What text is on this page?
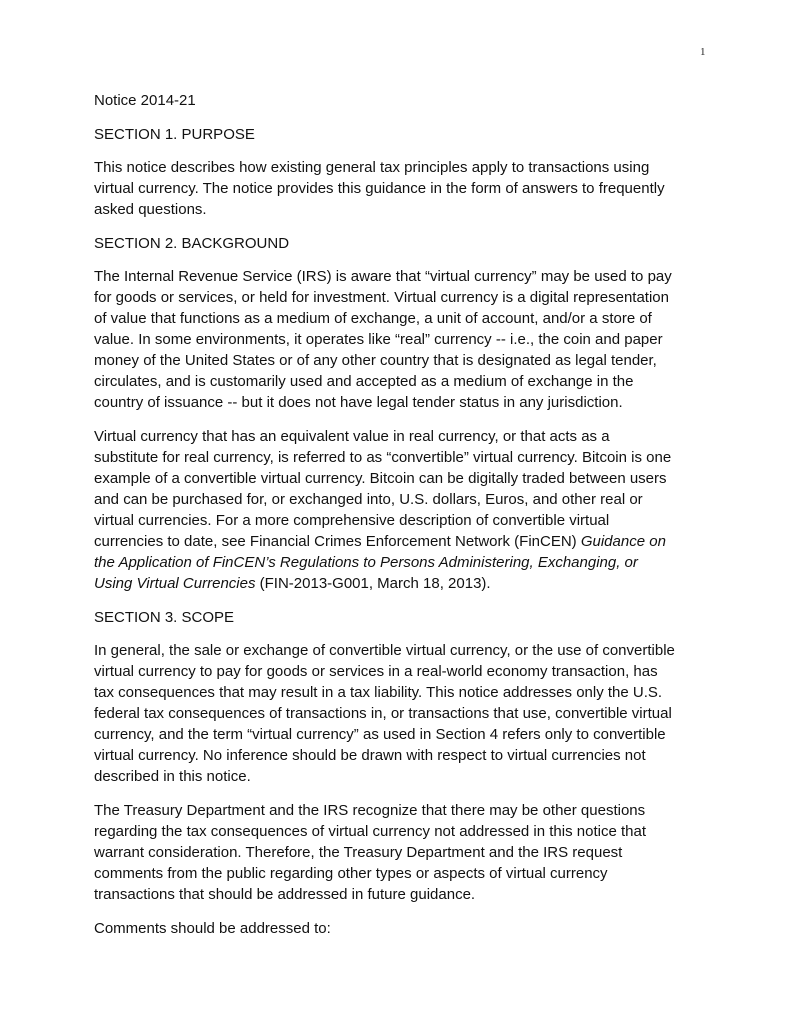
1

Notice 2014-21

SECTION 1. PURPOSE

This notice describes how existing general tax principles apply to transactions using
virtual currency. The notice provides this guidance in the form of answers to frequently
asked questions.

SECTION 2. BACKGROUND

The Internal Revenue Service (IRS) is aware that “virtual currency” may be used to pay
for goods or services, or held for investment. Virtual currency is a digital representation
of value that functions as a medium of exchange, a unit of account, and/or a store of
value. In some environments, it operates like “real” currency -- i.e., the coin and paper
money of the United States or of any other country that is designated as legal tender,
circulates, and is customarily used and accepted as a medium of exchange in the
country of issuance -- but it does not have legal tender status in any jurisdiction.

Virtual currency that has an equivalent value in real currency, or that acts as a
substitute for real currency, is referred to as “convertible” virtual currency. Bitcoin is one
example of a convertible virtual currency. Bitcoin can be digitally traded between users
and can be purchased for, or exchanged into, U.S. dollars, Euros, and other real or
virtual currencies. For a more comprehensive description of convertible virtual
currencies to date, see Financial Crimes Enforcement Network (FinCEN) Guidance on
the Application of FinCEN’s Regulations to Persons Administering, Exchanging, or
Using Virtual Currencies (FIN-2013-G001, March 18, 2013).

SECTION 3. SCOPE

In general, the sale or exchange of convertible virtual currency, or the use of convertible
virtual currency to pay for goods or services in a real-world economy transaction, has
tax consequences that may result in a tax liability. This notice addresses only the U.S.
federal tax consequences of transactions in, or transactions that use, convertible virtual
currency, and the term “virtual currency” as used in Section 4 refers only to convertible
virtual currency. No inference should be drawn with respect to virtual currencies not
described in this notice.

The Treasury Department and the IRS recognize that there may be other questions
regarding the tax consequences of virtual currency not addressed in this notice that
warrant consideration. Therefore, the Treasury Department and the IRS request
comments from the public regarding other types or aspects of virtual currency
transactions that should be addressed in future guidance.

Comments should be addressed to:
